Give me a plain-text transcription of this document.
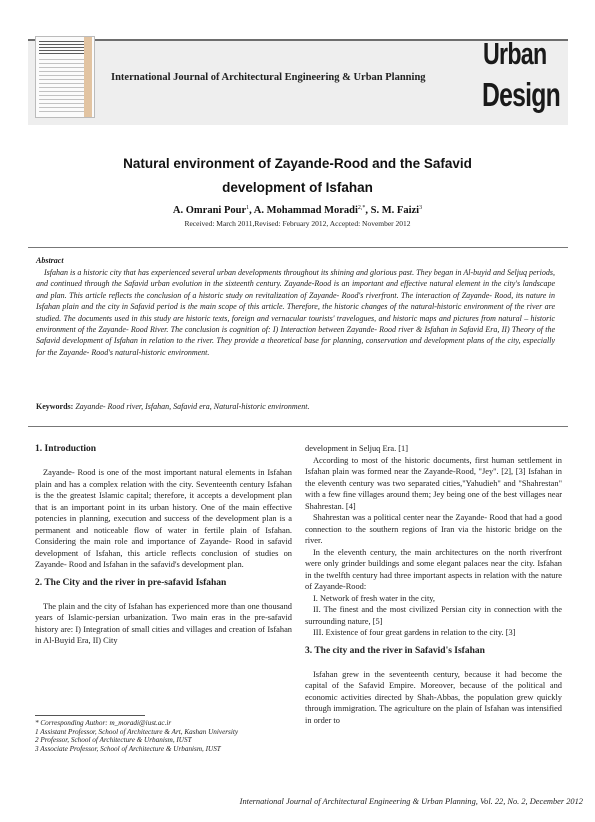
International Journal of Architectural Engineering & Urban Planning
Urban
Design
Natural environment of Zayande-Rood and the Safavid
development of Isfahan
A. Omrani Pour$^1$, A. Mohammad Moradi$^{2,*}$, S. M. Faizi$^3$
Received: March 2011,Revised: February 2012, Accepted: November 2012
Abstract

Isfahan is a historic city that has experienced several urban developments throughout its shining and glorious past. They began in Al-buyid and Seljuq periods, and continued through the Safavid urban evolution in the sixteenth century. Zayande-Rood is an important and effective natural element in the city's landscape and plan. This article reflects the conclusion of a historic study on revitalization of Zayande- Rood's riverfront. The interaction of Zayande- Rood, its nature in Isfahan plain and the city in Safavid period is the main scope of this article. Therefore, the historic changes of the natural-historic environment of the river are studied. The documents used in this study are historic texts, foreign and vernacular tourists' travelogues, and historic maps and pictures from natural – historic environment of the Zayande- Rood River. The conclusion is cognition of: I) Interaction between Zayande- Rood river & Isfahan in Safavid Era, II) Theory of the Safavid development of Isfahan in relation to the river. They provide a theoretical base for planning, conservation and development plans of the city, especially for the Zayande- Rood's natural-historic environment.

Keywords: Zayande- Rood river, Isfahan, Safavid era, Natural-historic environment.

1. Introduction

Zayande- Rood is one of the most important natural elements in Isfahan plain and has a complex relation with the city. Seventeenth century Isfahan is the the greatest Islamic capital; therefore, it accepts a development plan that is an important point in its urban history. One of the main effective potencies in planning, execution and success of the development plan is a permanent and noticeable flow of water in fertile plain of Isfahan. Considering the main role and importance of Zayande- Rood in safavid development of Isfahan, this article reflects conclusion of studies on Zayande- Rood and Isfahan in the safavid's development plan.

2. The City and the river in pre-safavid Isfahan

The plain and the city of Isfahan has experienced more than one thousand years of Islamic-persian urbanization. Two main eras in the pre-safavid history are: I) Integration of small cities and villages and creation of Isfahan in Al-Buyid Era, II) City

development in Seljuq Era. [1]

According to most of the historic documents, first human settlement in Isfahan plain was formed near the Zayande-Rood, "Jey". [2], [3] Isfahan in the eleventh century was two separated cities,"Yahudieh" and "Shahrestan" with a few fine villages around them; Jey being one of the best villages near Shahrestan. [4]

Shahrestan was a political center near the Zayande- Rood that had a good connection to the southern regions of Iran via the historic bridge on the river.

In the eleventh century, the main architectures on the north riverfront were only grinder buildings and some elegant palaces near the city. Isfahan in the twelfth century had three important aspects in relation with the nature of Zayande-Rood:

I. Network of fresh water in the city,

II. The finest and the most civilized Persian city in connection with the surrounding nature, [5]

III. Existence of four great gardens in relation to the city. [3]

3. The city and the river in Safavid's Isfahan

Isfahan grew in the seventeenth century, because it had become the capital of the Safavid Empire. Moreover, because of the political and economic activities directed by Shah-Abbas, the population grew quickly through immigration. The agriculture on the plain of Isfahan was intensified in order to

* Corresponding Author: m_moradi@iust.ac.ir

1 Assistant Professor, School of Architecture & Art, Kashan University

2 Professor, School of Architecture & Urbanism, IUST

3 Associate Professor, School of Architecture & Urbanism, IUST

International Journal of Architectural Engineering & Urban Planning, Vol. 22, No. 2, December 2012
